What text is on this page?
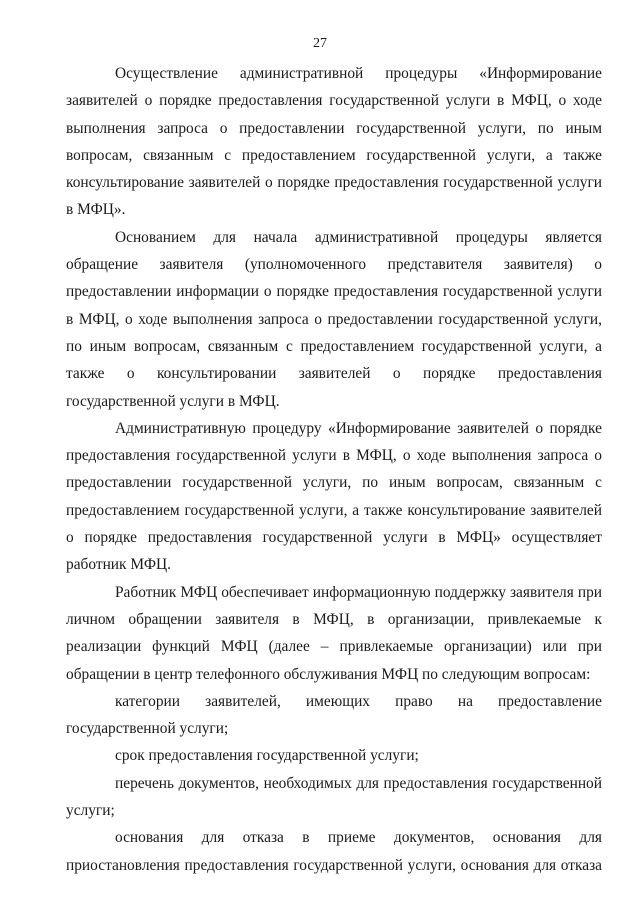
27

Осуществление административной процедуры «Информирование заявителей о порядке предоставления государственной услуги в МФЦ, о ходе выполнения запроса о предоставлении государственной услуги, по иным вопросам, связанным с предоставлением государственной услуги, а также консультирование заявителей о порядке предоставления государственной услуги в МФЦ».

Основанием для начала административной процедуры является обращение заявителя (уполномоченного представителя заявителя) о предоставлении информации о порядке предоставления государственной услуги в МФЦ, о ходе выполнения запроса о предоставлении государственной услуги, по иным вопросам, связанным с предоставлением государственной услуги, а также о консультировании заявителей о порядке предоставления государственной услуги в МФЦ.

Административную процедуру «Информирование заявителей о порядке предоставления государственной услуги в МФЦ, о ходе выполнения запроса о предоставлении государственной услуги, по иным вопросам, связанным с предоставлением государственной услуги, а также консультирование заявителей о порядке предоставления государственной услуги в МФЦ» осуществляет работник МФЦ.

Работник МФЦ обеспечивает информационную поддержку заявителя при личном обращении заявителя в МФЦ, в организации, привлекаемые к реализации функций МФЦ (далее – привлекаемые организации) или при обращении в центр телефонного обслуживания МФЦ по следующим вопросам:

категории заявителей, имеющих право на предоставление государственной услуги;

срок предоставления государственной услуги;

перечень документов, необходимых для предоставления государственной услуги;

основания для отказа в приеме документов, основания для приостановления предоставления государственной услуги, основания для отказа
